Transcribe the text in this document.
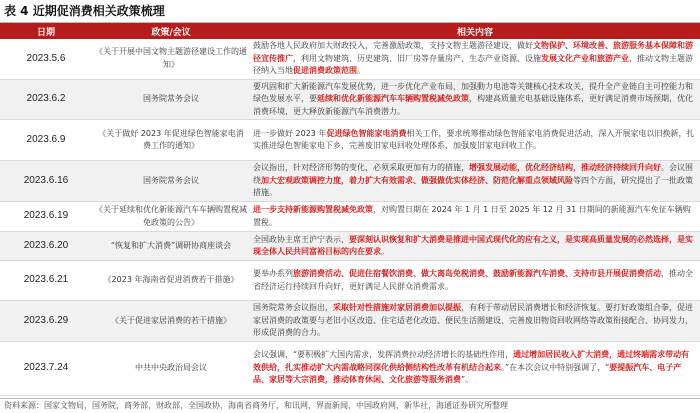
表 4 近期促消费相关政策梳理
日期	政策/会议	相关内容
2023.5.6	《关于开展中国文物主题游径建设工作的通知》	鼓励各地人民政府加大财政投入，完善激励政策，支持文物主题游径建设，做好文物保护、环境改善、旅游服务基本保障和游径宣传推广，利用文物建筑、历史建筑、旧厂房等存量房产、生态产业资源、设施发展文化产业和旅游产业，推动文物主题游径纳入当地促进消费政策范围。
2023.6.2	国务院常务会议	要巩固和扩大新能源汽车发展优势，进一步优化产业布局，加强動力电池等关键核心技术攻关，提升全产业链自主可控能力和绿色发展水平，要延续和优化新能源汽车车辆购置税减免政策，构建高质量充电基础设施体系，更好满足消费市场预期，优化消费环境，更大释放新能源汽车消费潜力。
2023.6.9	《关于做好 2023 年促进绿色智能家电消费工作的通知》	进一步做好 2023 年促进绿色智能家电消费相关工作，要求统筹推动绿色智能家电消费促进活动，深入开展家电以旧换新，扎实推进绿色智能家电下乡，完善废旧家电回收处理体系，加强废旧家电回收工作。
2023.6.16	国务院常务会议	会议指出，针对经济形势的变化，必须采取更加有力的措施，增强发展动能，优化经济结构，推动经济持续回升向好。会议围绕加大宏观政策调控力度，着力扩大有效需求、做强做优实体经济、防范化解重点领域风险等四个方面，研究提出了一批政策措施。
2023.6.19	《关于延续和优化新能源汽车车辆购置税减免政策的公告》	进一步支持新能源购置税减免政策，对购置日期在 2024 年 1 月 1 日至 2025 年 12 月 31 日期间的新能源汽车免征车辆购置税。
2023.6.20	“恢复和扩大消费”调研协商座谈会	全国政协主席王沪宁表示，要深刻认识恢复和扩大消费是推进中国式现代化的应有之义，是实现高质量发展的必然选择，是实现全体人民共同富裕目标的内在要求。
2023.6.21	《2023 年海南省促进消费若干措施》	要举办系列旅游消费活动、促进住宿餐饮消费、做大离岛免税消费、鼓励新能源汽车消费、支持市县开展促消费活动，推动全省经济运行持续回升向好，更好满足人民群众消费需求。
2023.6.29	《关于促进家居消费的若干措施》	国务院常务会议指出，采取针对性措施对家居消费加以提振，有利于带动居民消费增长和经济恢复。要打好政策组合拳，促进家居消费的政策要与老旧小区改造、住宅适老化改造、便民生活圈建设、完善废旧物资回收网络等政策衔接配合、协同发力，形成促消费的合力。
2023.7.24	中共中央政治局会议	会议强调，“要积极扩大国内需求，发挥消费拉动经济增长的基础性作用，通过增加居民收入扩大消费，通过终端需求带动有效供给，扎实推动扩大内需战略同深化供给侧结构性改革有机结合起来。”在本次会议中特别强调了，“要提振汽车、电子产品、家居等大宗消费，推动体育休闲、文化旅游等服务消费”。
资料来源：国家文物局，国务院，商务部，财政部，全国政协，海南省商务厅，和讯网，界面新闻，中国政府网，新华社，海通证券研究所整理
